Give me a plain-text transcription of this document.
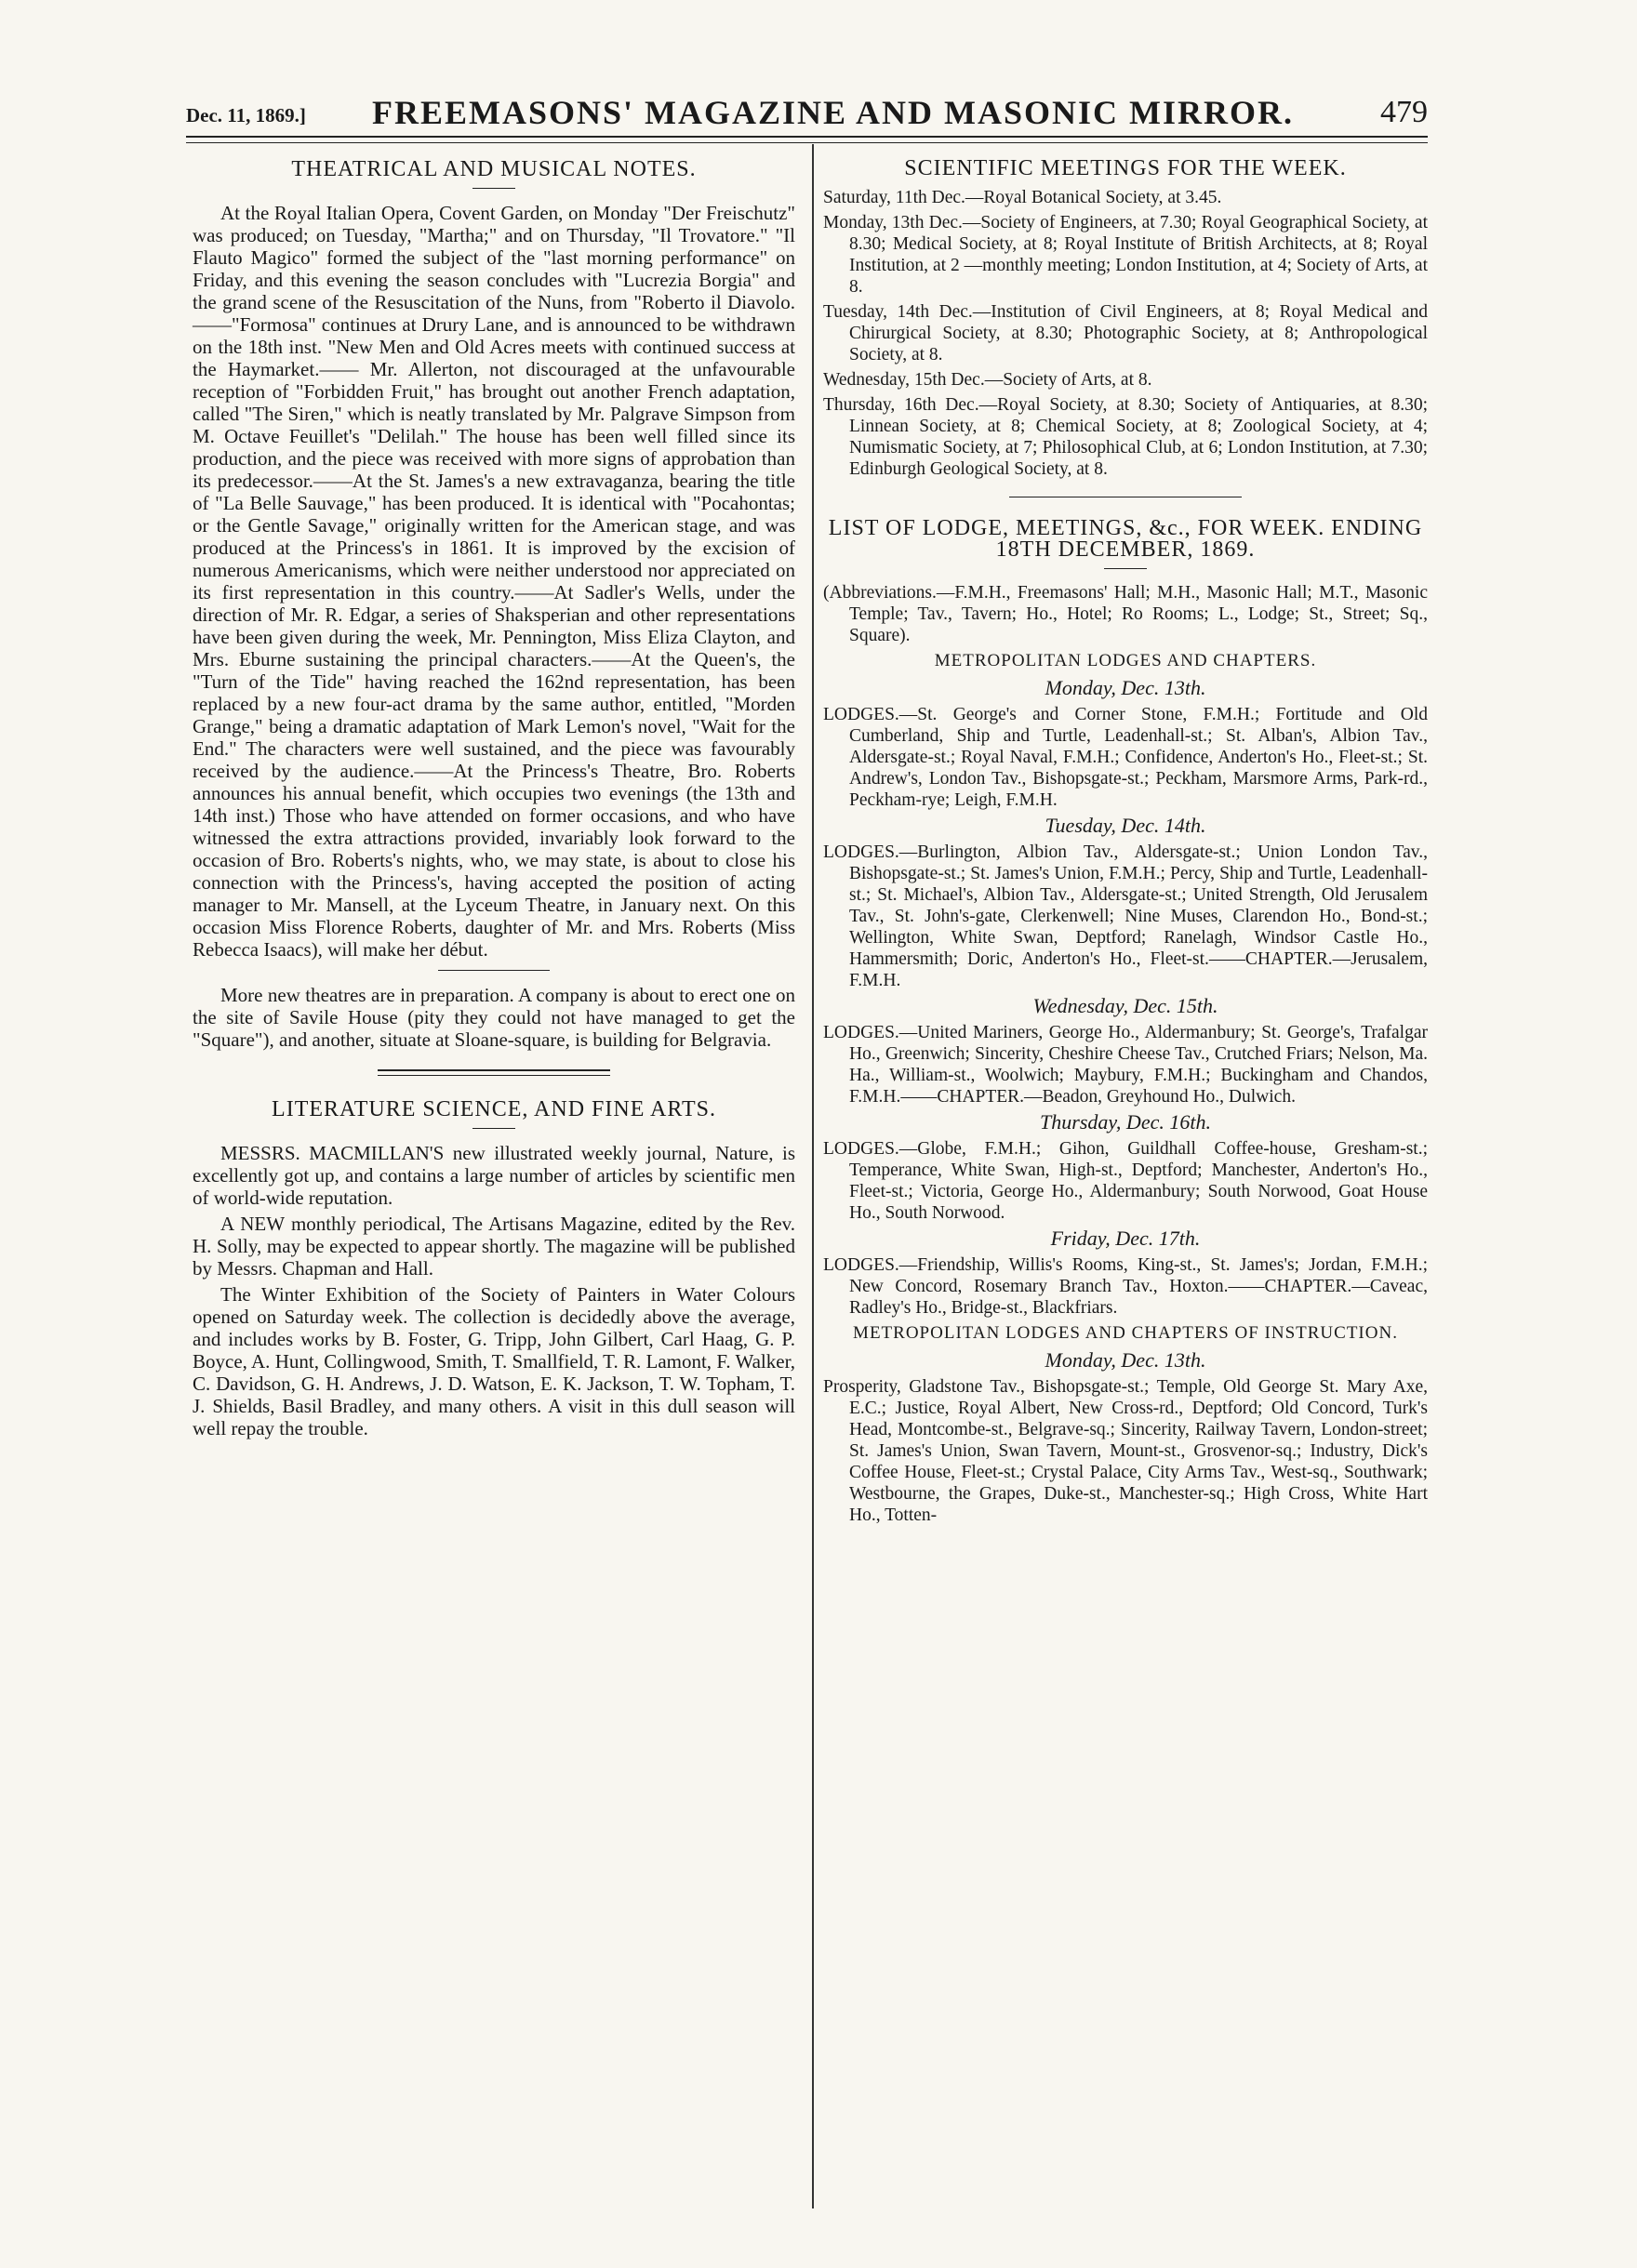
Dec. 11, 1869.] FREEMASONS' MAGAZINE AND MASONIC MIRROR.	479
THEATRICAL AND MUSICAL NOTES.

At the Royal Italian Opera, Covent Garden, on Monday "Der Freischutz" was produced; on Tuesday, "Martha;" and on Thursday, "Il Trovatore." "Il Flauto Magico" formed the subject of the "last morning performance" on Friday, and this evening the season concludes with "Lucrezia Borgia" and the grand scene of the Resuscitation of the Nuns, from "Roberto il Diavolo.——"Formosa" continues at Drury Lane, and is announced to be withdrawn on the 18th inst. "New Men and Old Acres meets with continued success at the Haymarket.—— Mr. Allerton, not discouraged at the unfavourable reception of "Forbidden Fruit," has brought out another French adaptation, called "The Siren," which is neatly translated by Mr. Palgrave Simpson from M. Octave Feuillet's "Delilah." The house has been well filled since its production, and the piece was received with more signs of approbation than its predecessor.——At the St. James's a new extravaganza, bearing the title of "La Belle Sauvage," has been produced. It is identical with "Pocahontas; or the Gentle Savage," originally written for the American stage, and was produced at the Princess's in 1861. It is improved by the excision of numerous Americanisms, which were neither understood nor appreciated on its first representation in this country.——At Sadler's Wells, under the direction of Mr. R. Edgar, a series of Shaksperian and other representations have been given during the week, Mr. Pennington, Miss Eliza Clayton, and Mrs. Eburne sustaining the principal characters.——At the Queen's, the "Turn of the Tide" having reached the 162nd representation, has been replaced by a new four-act drama by the same author, entitled, "Morden Grange," being a dramatic adaptation of Mark Lemon's novel, "Wait for the End." The characters were well sustained, and the piece was favourably received by the audience.——At the Princess's Theatre, Bro. Roberts announces his annual benefit, which occupies two evenings (the 13th and 14th inst.) Those who have attended on former occasions, and who have witnessed the extra attractions provided, invariably look forward to the occasion of Bro. Roberts's nights, who, we may state, is about to close his connection with the Princess's, having accepted the position of acting manager to Mr. Mansell, at the Lyceum Theatre, in January next. On this occasion Miss Florence Roberts, daughter of Mr. and Mrs. Roberts (Miss Rebecca Isaacs), will make her début.

More new theatres are in preparation. A company is about to erect one on the site of Savile House (pity they could not have managed to get the "Square"), and another, situate at Sloane-square, is building for Belgravia.

LITERATURE SCIENCE, AND FINE ARTS.

MESSRS. MACMILLAN'S new illustrated weekly journal, Nature, is excellently got up, and contains a large number of articles by scientific men of world-wide reputation.

A NEW monthly periodical, The Artisans Magazine, edited by the Rev. H. Solly, may be expected to appear shortly. The magazine will be published by Messrs. Chapman and Hall.

The Winter Exhibition of the Society of Painters in Water Colours opened on Saturday week. The collection is decidedly above the average, and includes works by B. Foster, G. Tripp, John Gilbert, Carl Haag, G. P. Boyce, A. Hunt, Collingwood, Smith, T. Smallfield, T. R. Lamont, F. Walker, C. Davidson, G. H. Andrews, J. D. Watson, E. K. Jackson, T. W. Topham, T. J. Shields, Basil Bradley, and many others. A visit in this dull season will well repay the trouble.

SCIENTIFIC MEETINGS FOR THE WEEK.

Saturday, 11th Dec.—Royal Botanical Society, at 3.45.

Monday, 13th Dec.—Society of Engineers, at 7.30; Royal Geographical Society, at 8.30; Medical Society, at 8; Royal Institute of British Architects, at 8; Royal Institution, at 2 —monthly meeting; London Institution, at 4; Society of Arts, at 8.

Tuesday, 14th Dec.—Institution of Civil Engineers, at 8; Royal Medical and Chirurgical Society, at 8.30; Photographic Society, at 8; Anthropological Society, at 8.

Wednesday, 15th Dec.—Society of Arts, at 8.

Thursday, 16th Dec.—Royal Society, at 8.30; Society of Antiquaries, at 8.30; Linnean Society, at 8; Chemical Society, at 8; Zoological Society, at 4; Numismatic Society, at 7; Philosophical Club, at 6; London Institution, at 7.30; Edinburgh Geological Society, at 8.

LIST OF LODGE, MEETINGS, &c., FOR WEEK. ENDING 18TH DECEMBER, 1869.

(Abbreviations.—F.M.H., Freemasons' Hall; M.H., Masonic Hall; M.T., Masonic Temple; Tav., Tavern; Ho., Hotel; Ro Rooms; L., Lodge; St., Street; Sq., Square).

METROPOLITAN LODGES AND CHAPTERS.
Monday, Dec. 13th.

LODGES.—St. George's and Corner Stone, F.M.H.; Fortitude and Old Cumberland, Ship and Turtle, Leadenhall-st.; St. Alban's, Albion Tav., Aldersgate-st.; Royal Naval, F.M.H.; Confidence, Anderton's Ho., Fleet-st.; St. Andrew's, London Tav., Bishopsgate-st.; Peckham, Marsmore Arms, Park-rd., Peckham-rye; Leigh, F.M.H.

Tuesday, Dec. 14th.

LODGES.—Burlington, Albion Tav., Aldersgate-st.; Union London Tav., Bishopsgate-st.; St. James's Union, F.M.H.; Percy, Ship and Turtle, Leadenhall-st.; St. Michael's, Albion Tav., Aldersgate-st.; United Strength, Old Jerusalem Tav., St. John's-gate, Clerkenwell; Nine Muses, Clarendon Ho., Bond-st.; Wellington, White Swan, Deptford; Ranelagh, Windsor Castle Ho., Hammersmith; Doric, Anderton's Ho., Fleet-st.——CHAPTER.—Jerusalem, F.M.H.

Wednesday, Dec. 15th.

LODGES.—United Mariners, George Ho., Aldermanbury; St. George's, Trafalgar Ho., Greenwich; Sincerity, Cheshire Cheese Tav., Crutched Friars; Nelson, Ma. Ha., William-st., Woolwich; Maybury, F.M.H.; Buckingham and Chandos, F.M.H.——CHAPTER.—Beadon, Greyhound Ho., Dulwich.

Thursday, Dec. 16th.

LODGES.—Globe, F.M.H.; Gihon, Guildhall Coffee-house, Gresham-st.; Temperance, White Swan, High-st., Deptford; Manchester, Anderton's Ho., Fleet-st.; Victoria, George Ho., Aldermanbury; South Norwood, Goat House Ho., South Norwood.

Friday, Dec. 17th.

LODGES.—Friendship, Willis's Rooms, King-st., St. James's; Jordan, F.M.H.; New Concord, Rosemary Branch Tav., Hoxton.——CHAPTER.—Caveac, Radley's Ho., Bridge-st., Blackfriars.

METROPOLITAN LODGES AND CHAPTERS OF INSTRUCTION.
Monday, Dec. 13th.

Prosperity, Gladstone Tav., Bishopsgate-st.; Temple, Old George St. Mary Axe, E.C.; Justice, Royal Albert, New Cross-rd., Deptford; Old Concord, Turk's Head, Montcombe-st., Belgrave-sq.; Sincerity, Railway Tavern, London-street; St. James's Union, Swan Tavern, Mount-st., Grosvenor-sq.; Industry, Dick's Coffee House, Fleet-st.; Crystal Palace, City Arms Tav., West-sq., Southwark; Westbourne, the Grapes, Duke-st., Manchester-sq.; High Cross, White Hart Ho., Totten-
